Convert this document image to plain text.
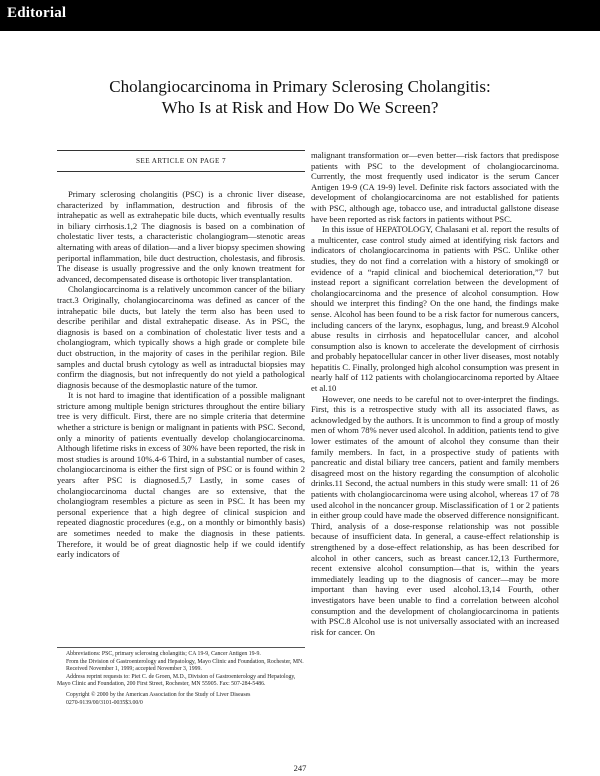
Editorial
Cholangiocarcinoma in Primary Sclerosing Cholangitis:
Who Is at Risk and How Do We Screen?
SEE ARTICLE ON PAGE 7

Primary sclerosing cholangitis (PSC) is a chronic liver disease, characterized by inflammation, destruction and fibrosis of the intrahepatic as well as extrahepatic bile ducts, which eventually results in biliary cirrhosis.1,2 The diagnosis is based on a combination of cholestatic liver tests, a characteristic cholangiogram—stenotic areas alternating with areas of dilation—and a liver biopsy specimen showing periportal inflammation, bile duct destruction, cholestasis, and fibrosis. The disease is usually progressive and the only known treatment for advanced, decompensated disease is orthotopic liver transplantation.

Cholangiocarcinoma is a relatively uncommon cancer of the biliary tract.3 Originally, cholangiocarcinoma was defined as cancer of the intrahepatic bile ducts, but lately the term also has been used to describe perihilar and distal extrahepatic disease. As in PSC, the diagnosis is based on a combination of cholestatic liver tests and a cholangiogram, which typically shows a high grade or complete bile duct obstruction, in the majority of cases in the perihilar region. Bile samples and ductal brush cytology as well as intraductal biopsies may confirm the diagnosis, but not infrequently do not yield a pathological diagnosis because of the desmoplastic nature of the tumor.

It is not hard to imagine that identification of a possible malignant stricture among multiple benign strictures throughout the entire biliary tree is very difficult. First, there are no simple criteria that determine whether a stricture is benign or malignant in patients with PSC. Second, only a minority of patients eventually develop cholangiocarcinoma. Although lifetime risks in excess of 30% have been reported, the risk in most studies is around 10%.4-6 Third, in a substantial number of cases, cholangiocarcinoma is either the first sign of PSC or is found within 2 years after PSC is diagnosed.5,7 Lastly, in some cases of cholangiocarcinoma ductal changes are so extensive, that the cholangiogram resembles a picture as seen in PSC. It has been my personal experience that a high degree of clinical suspicion and repeated diagnostic procedures (e.g., on a monthly or bimonthly basis) are sometimes needed to make the diagnosis in these patients. Therefore, it would be of great diagnostic help if we could identify early indicators of

malignant transformation or—even better—risk factors that predispose patients with PSC to the development of cholangiocarcinoma. Currently, the most frequently used indicator is the serum Cancer Antigen 19-9 (CA 19-9) level. Definite risk factors associated with the development of cholangiocarcinoma are not established for patients with PSC, although age, tobacco use, and intraductal gallstone disease have been reported as risk factors in patients without PSC.

In this issue of HEPATOLOGY, Chalasani et al. report the results of a multicenter, case control study aimed at identifying risk factors and indicators of cholangiocarcinoma in patients with PSC. Unlike other studies, they do not find a correlation with a history of smoking8 or evidence of a “rapid clinical and biochemical deterioration,”7 but instead report a significant correlation between the development of cholangiocarcinoma and the presence of alcohol consumption. How should we interpret this finding? On the one hand, the findings make sense. Alcohol has been found to be a risk factor for numerous cancers, including cancers of the larynx, esophagus, lung, and breast.9 Alcohol abuse results in cirrhosis and hepatocellular cancer, and alcohol consumption also is known to accelerate the development of cirrhosis and probably hepatocellular cancer in other liver diseases, most notably hepatitis C. Finally, prolonged high alcohol consumption was present in nearly half of 112 patients with cholangiocarcinoma reported by Altaee et al.10

However, one needs to be careful not to over-interpret the findings. First, this is a retrospective study with all its associated flaws, as acknowledged by the authors. It is uncommon to find a group of mostly men of whom 78% never used alcohol. In addition, patients tend to give lower estimates of the amount of alcohol they consume than their family members. In fact, in a prospective study of patients with pancreatic and distal biliary tree cancers, patient and family members disagreed most on the history regarding the consumption of alcoholic drinks.11 Second, the actual numbers in this study were small: 11 of 26 patients with cholangiocarcinoma were using alcohol, whereas 17 of 78 used alcohol in the noncancer group. Misclassification of 1 or 2 patients in either group could have made the observed difference nonsignificant. Third, analysis of a dose-response relationship was not possible because of insufficient data. In general, a cause-effect relationship is strengthened by a dose-effect relationship, as has been described for alcohol in other cancers, such as breast cancer.12,13 Furthermore, recent extensive alcohol consumption—that is, within the years immediately leading up to the diagnosis of cancer—may be more important than having ever used alcohol.13,14 Fourth, other investigators have been unable to find a correlation between alcohol consumption and the development of cholangiocarcinoma in patients with PSC.8 Alcohol use is not universally associated with an increased risk for cancer. On

Abbreviations: PSC, primary sclerosing cholangitis; CA 19-9, Cancer Antigen 19-9.

From the Division of Gastroenterology and Hepatology, Mayo Clinic and Foundation, Rochester, MN.

Received November 1, 1999; accepted November 3, 1999.

Address reprint requests to: Piet C. de Groen, M.D., Division of Gastroenterology and Hepatology, Mayo Clinic and Foundation, 200 First Street, Rochester, MN 55905. Fax: 507-284-5486.

Copyright © 2000 by the American Association for the Study of Liver Diseases

0270-9139/00/3101-0035$3.00/0

247
